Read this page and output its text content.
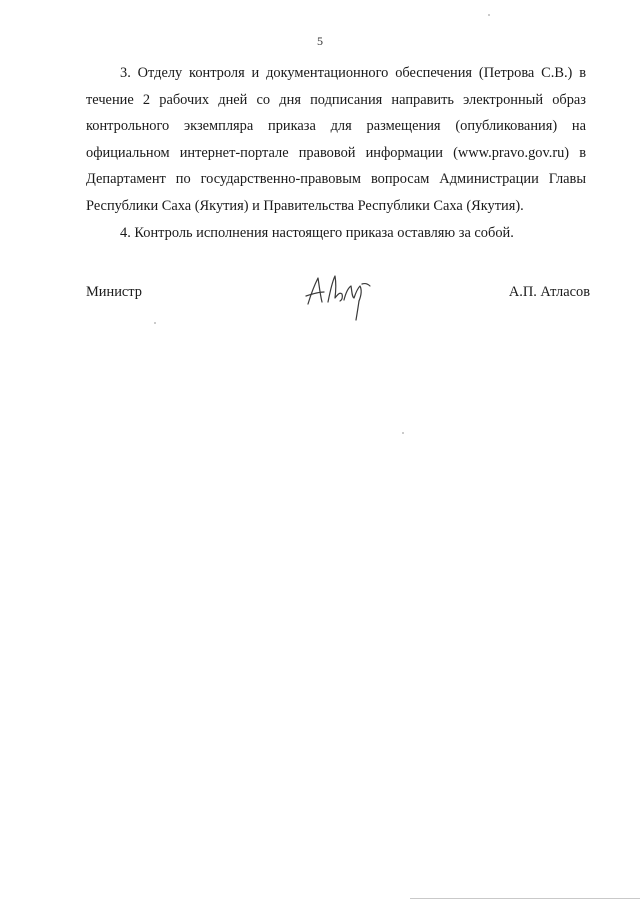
5

3. Отделу контроля и документационного обеспечения (Петрова С.В.) в
течение 2 рабочих дней со дня подписания направить электронный образ
контрольного экземпляра приказа для размещения (опубликования) на
официальном интернет-портале правовой информации (www.pravo.gov.ru) в
Департамент по государственно-правовым вопросам Администрации Главы
Республики Саха (Якутия) и Правительства Республики Саха (Якутия).

4. Контроль исполнения настоящего приказа оставляю за собой.

Министр	А.П. Атласов
